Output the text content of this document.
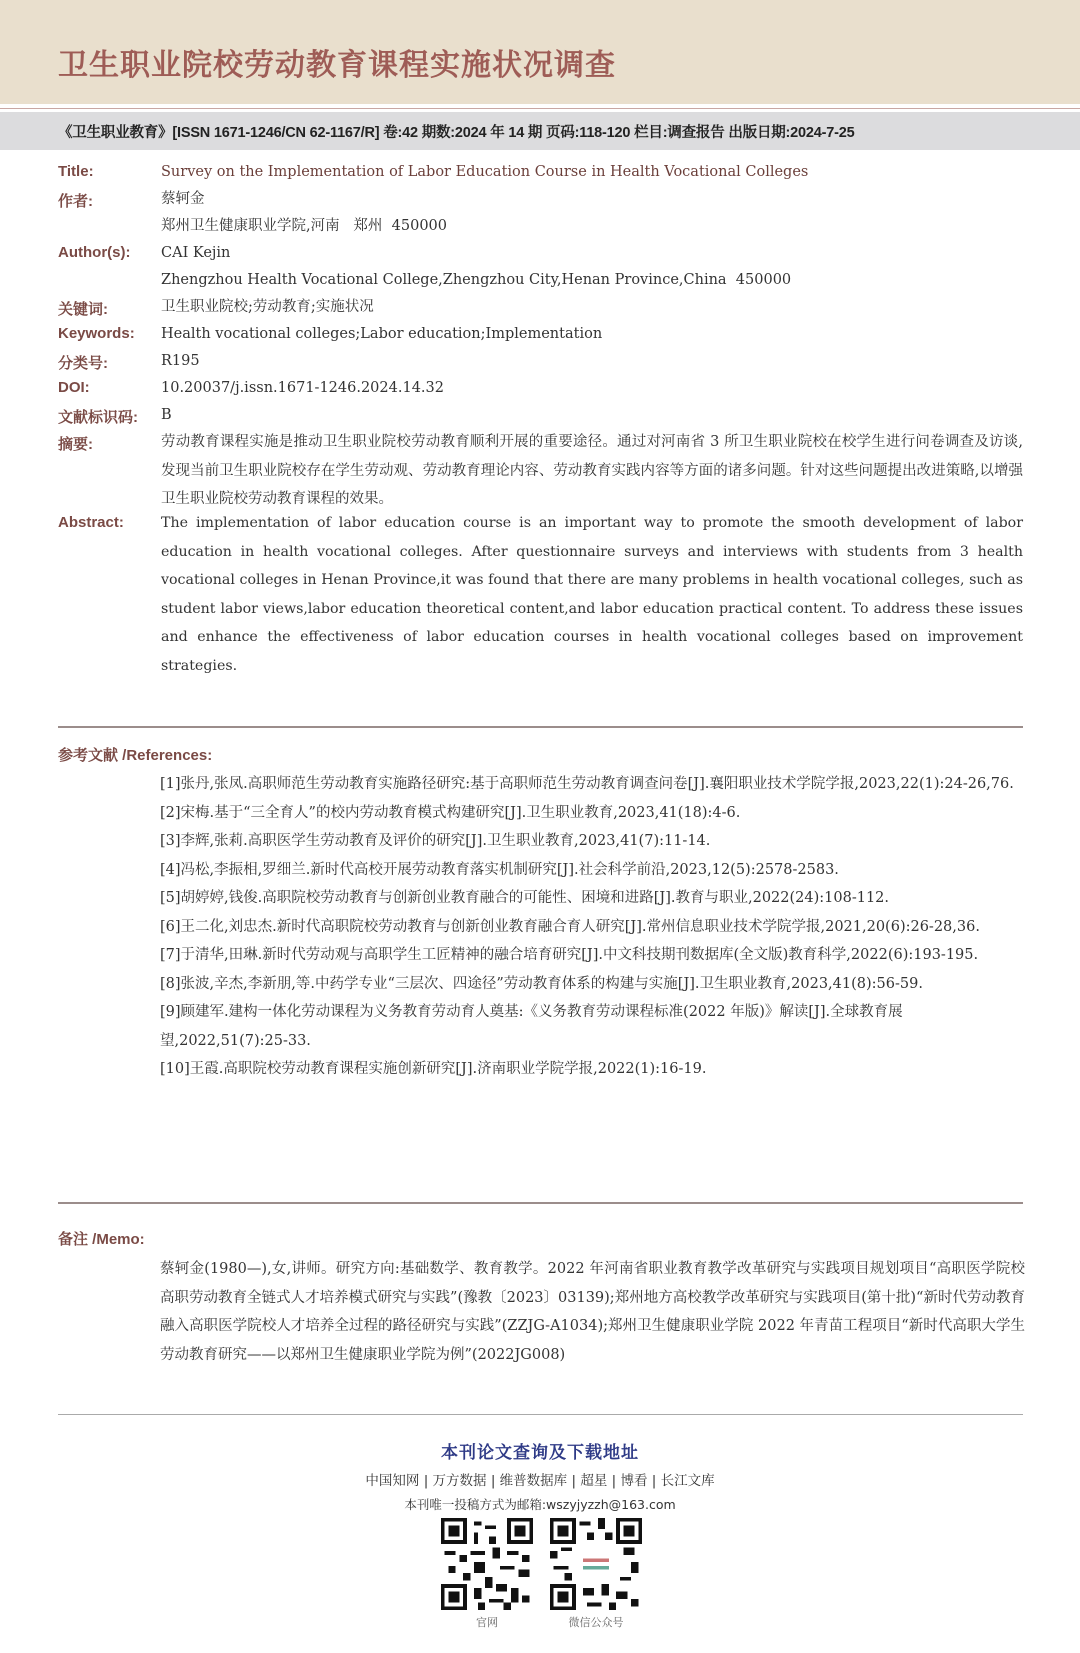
卫生职业院校劳动教育课程实施状况调查
《卫生职业教育》[ISSN 1671-1246/CN 62-1167/R] 卷:42 期数:2024 年 14 期 页码:118-120 栏目:调查报告 出版日期:2024-7-25
Title:	Survey on the Implementation of Labor Education Course in Health Vocational Colleges
作者:	蔡轲金
郑州卫生健康职业学院,河南   郑州  450000
Author(s): CAI Kejin
Zhengzhou Health Vocational College,Zhengzhou City,Henan Province,China  450000
关键词:	卫生职业院校;劳动教育;实施状况
Keywords: Health vocational colleges;Labor education;Implementation
分类号:	R195
DOI:	10.20037/j.issn.1671-1246.2024.14.32
文献标识码: B
摘要:	劳动教育课程实施是推动卫生职业院校劳动教育顺利开展的重要途径。通过对河南省 3 所卫生职业院校在校学生进行问卷调查及访谈,发现当前卫生职业院校存在学生劳动观、劳动教育理论内容、劳动教育实践内容等方面的诸多问题。针对这些问题提出改进策略,以增强卫生职业院校劳动教育课程的效果。
Abstract:	The implementation of labor education course is an important way to promote the smooth development of labor education in health vocational colleges. After questionnaire surveys and interviews with students from 3 health vocational colleges in Henan Province,it was found that there are many problems in health vocational colleges, such as student labor views,labor education theoretical content,and labor education practical content. To address these issues and enhance the effectiveness of labor education courses in health vocational colleges based on improvement strategies.
参考文献 /References:
[1]张丹,张凤.高职师范生劳动教育实施路径研究:基于高职师范生劳动教育调查问卷[J].襄阳职业技术学院学报,2023,22(1):24-26,76.
[2]宋梅.基于“三全育人”的校内劳动教育模式构建研究[J].卫生职业教育,2023,41(18):4-6.
[3]李辉,张莉.高职医学生劳动教育及评价的研究[J].卫生职业教育,2023,41(7):11-14.
[4]冯松,李振相,罗细兰.新时代高校开展劳动教育落实机制研究[J].社会科学前沿,2023,12(5):2578-2583.
[5]胡婷婷,钱俊.高职院校劳动教育与创新创业教育融合的可能性、困境和进路[J].教育与职业,2022(24):108-112.
[6]王二化,刘忠杰.新时代高职院校劳动教育与创新创业教育融合育人研究[J].常州信息职业技术学院学报,2021,20(6):26-28,36.
[7]于清华,田琳.新时代劳动观与高职学生工匠精神的融合培育研究[J].中文科技期刊数据库(全文版)教育科学,2022(6):193-195.
[8]张波,辛杰,李新朋,等.中药学专业“三层次、四途径”劳动教育体系的构建与实施[J].卫生职业教育,2023,41(8):56-59.
[9]顾建军.建构一体化劳动课程为义务教育劳动育人奠基:《义务教育劳动课程标准(2022 年版)》解读[J].全球教育展望,2022,51(7):25-33.
[10]王霞.高职院校劳动教育课程实施创新研究[J].济南职业学院学报,2022(1):16-19.
备注 /Memo:
蔡轲金(1980—),女,讲师。研究方向:基础数学、教育教学。2022 年河南省职业教育教学改革研究与实践项目规划项目“高职医学院校高职劳动教育全链式人才培养模式研究与实践”(豫教〔2023〕03139);郑州地方高校教学改革研究与实践项目(第十批)“新时代劳动教育融入高职医学院校人才培养全过程的路径研究与实践”(ZZJG-A1034);郑州卫生健康职业学院 2022 年青苗工程项目“新时代高职大学生劳动教育研究——以郑州卫生健康职业学院为例”(2022JG008)
本刊论文查询及下载地址
中国知网 | 万方数据 | 维普数据库 | 超星 | 博看 | 长江文库
本刊唯一投稿方式为邮箱:wszyjyzzh@163.com
官网	微信公众号
